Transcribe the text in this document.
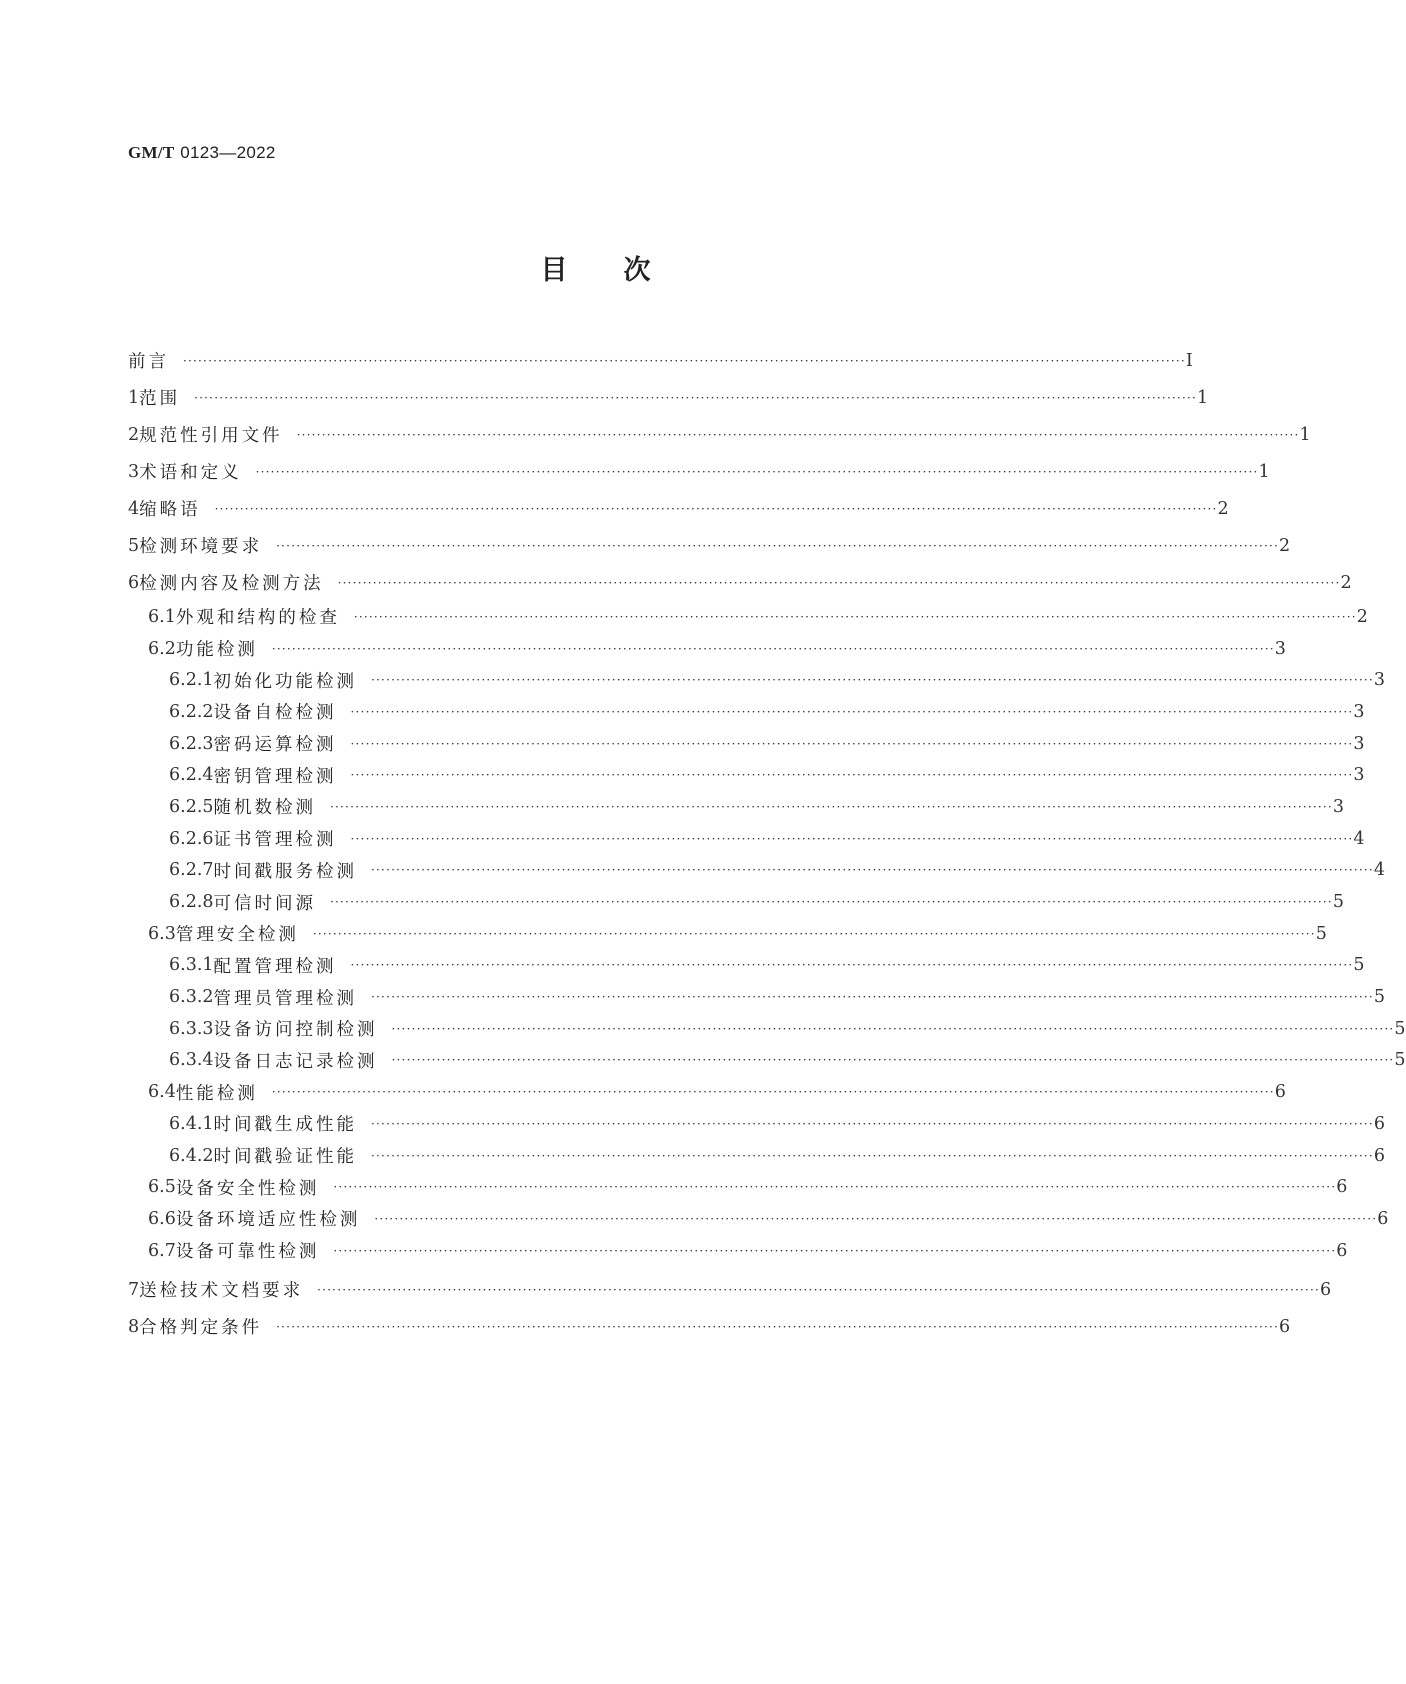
GM/T 0123—2022
目 次
前言	········································································································································································································ Ⅰ
1 范围	········································································································································································································ 1
2 规范性引用文件	········································································································································································································ 1
3 术语和定义	········································································································································································································ 1
4 缩略语	········································································································································································································ 2
5 检测环境要求	········································································································································································································ 2
6 检测内容及检测方法	········································································································································································································ 2
6.1 外观和结构的检查	········································································································································································································ 2
6.2 功能检测	········································································································································································································ 3
6.2.1 初始化功能检测	········································································································································································································ 3
6.2.2 设备自检检测	········································································································································································································ 3
6.2.3 密码运算检测	········································································································································································································ 3
6.2.4 密钥管理检测	········································································································································································································ 3
6.2.5 随机数检测	········································································································································································································ 3
6.2.6 证书管理检测	········································································································································································································ 4
6.2.7 时间戳服务检测	········································································································································································································ 4
6.2.8 可信时间源	········································································································································································································ 5
6.3 管理安全检测	········································································································································································································ 5
6.3.1 配置管理检测	········································································································································································································ 5
6.3.2 管理员管理检测	········································································································································································································ 5
6.3.3 设备访问控制检测	········································································································································································································ 5
6.3.4 设备日志记录检测	········································································································································································································ 5
6.4 性能检测	········································································································································································································ 6
6.4.1 时间戳生成性能	········································································································································································································ 6
6.4.2 时间戳验证性能	········································································································································································································ 6
6.5 设备安全性检测	········································································································································································································ 6
6.6 设备环境适应性检测	········································································································································································································ 6
6.7 设备可靠性检测	········································································································································································································ 6
7 送检技术文档要求	········································································································································································································ 6
8 合格判定条件	········································································································································································································ 6
